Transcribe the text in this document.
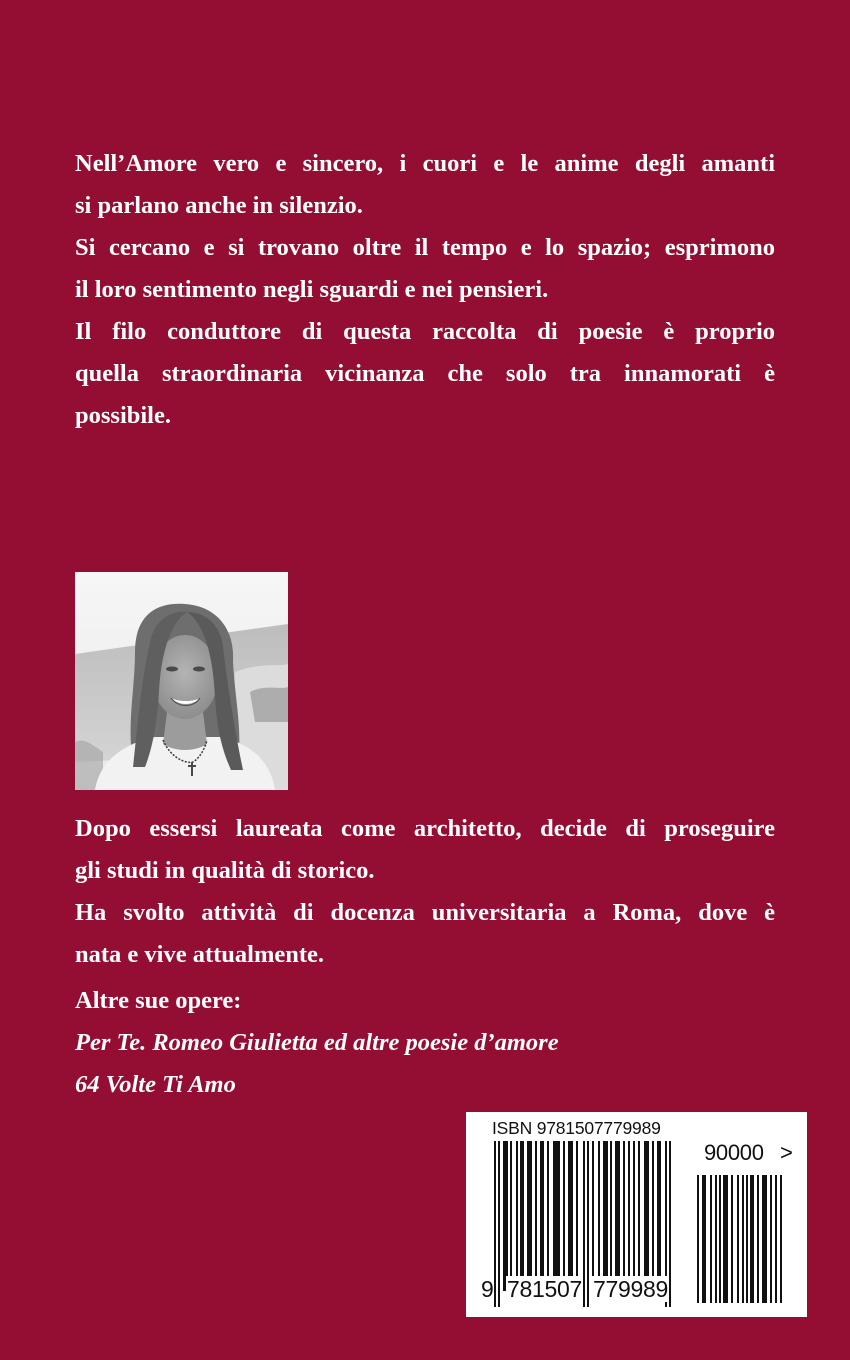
Nell’Amore vero e sincero, i cuori e le anime degli amanti
si parlano anche in silenzio.

Si cercano e si trovano oltre il tempo e lo spazio; esprimono
il loro sentimento negli sguardi e nei pensieri.

Il filo conduttore di questa raccolta di poesie è proprio
quella straordinaria vicinanza che solo tra innamorati è
possibile.

Dopo essersi laureata come architetto, decide di proseguire
gli studi in qualità di storico.
Ha svolto attività di docenza universitaria a Roma, dove è
nata e vive attualmente.
Altre sue opere:
Per Te. Romeo Giulietta ed altre poesie d’amore
64 Volte Ti Amo
ISBN 9781507779989
90000 >
9 781507 779989
